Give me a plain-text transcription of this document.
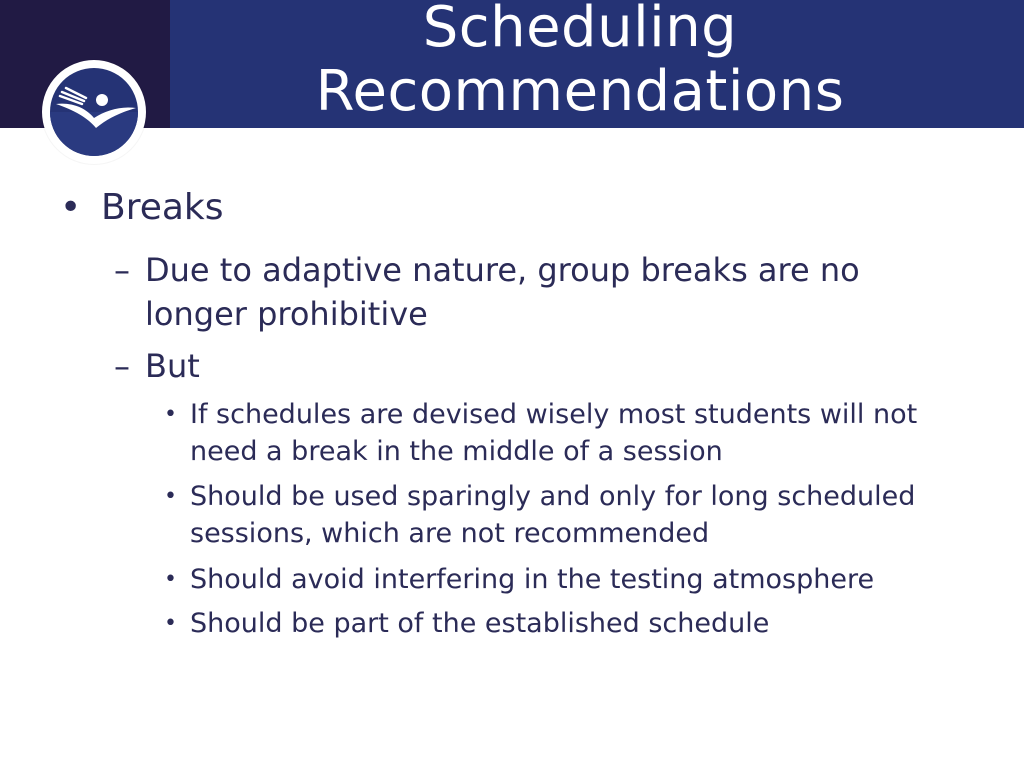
Scheduling
Recommendations
• Breaks
– Due to adaptive nature, group breaks are no longer prohibitive
– But
• If schedules are devised wisely most students will not need a break in the middle of a session
• Should be used sparingly and only for long scheduled sessions, which are not recommended
• Should avoid interfering in the testing atmosphere
• Should be part of the established schedule
